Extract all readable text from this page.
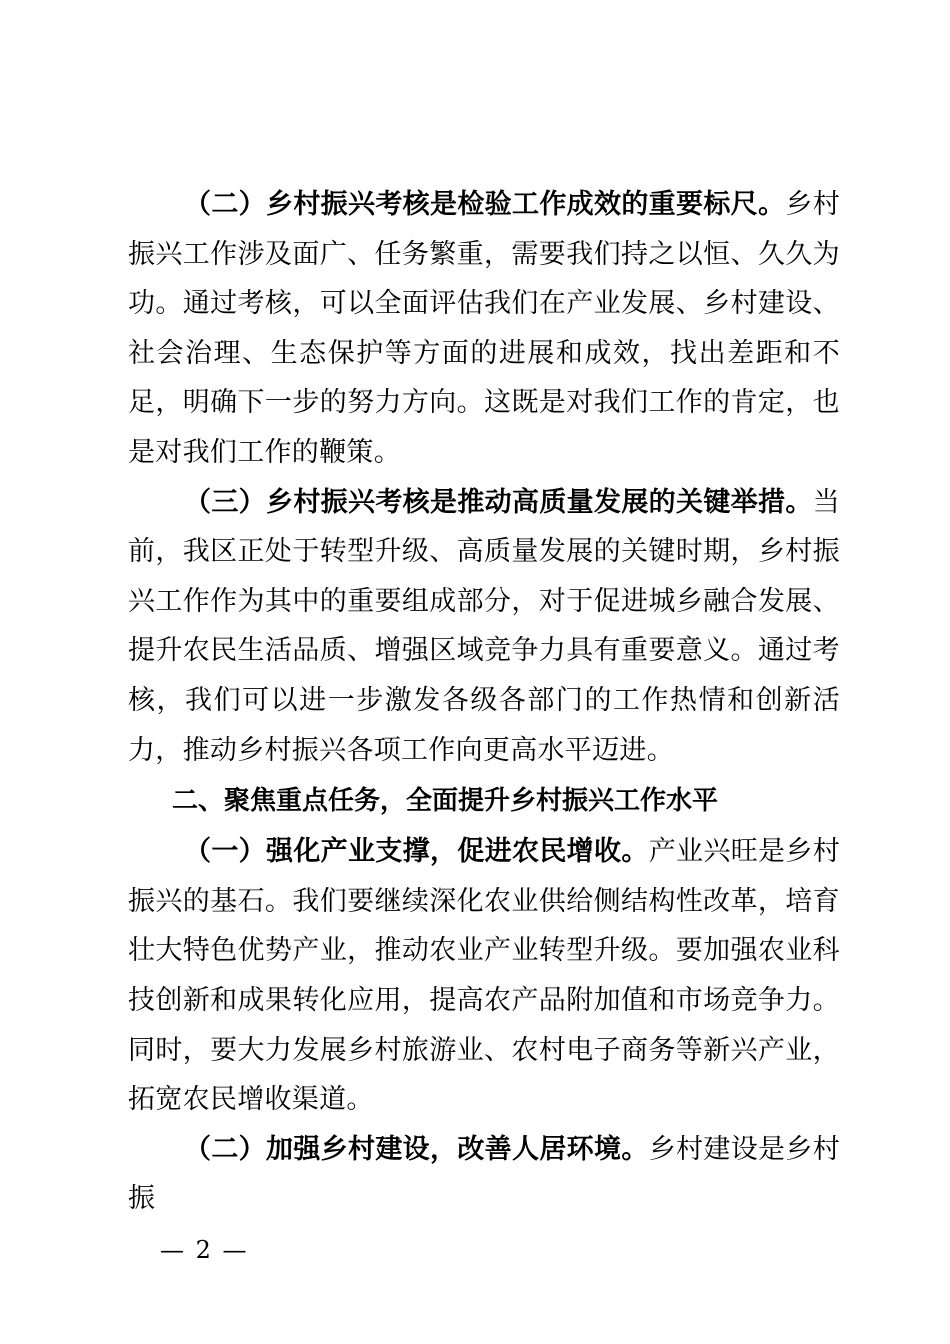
（二）乡村振兴考核是检验工作成效的重要标尺。乡村振兴工作涉及面广、任务繁重，需要我们持之以恒、久久为功。通过考核，可以全面评估我们在产业发展、乡村建设、社会治理、生态保护等方面的进展和成效，找出差距和不足，明确下一步的努力方向。这既是对我们工作的肯定，也是对我们工作的鞭策。

（三）乡村振兴考核是推动高质量发展的关键举措。当前，我区正处于转型升级、高质量发展的关键时期，乡村振兴工作作为其中的重要组成部分，对于促进城乡融合发展、提升农民生活品质、增强区域竞争力具有重要意义。通过考核，我们可以进一步激发各级各部门的工作热情和创新活力，推动乡村振兴各项工作向更高水平迈进。

二、聚焦重点任务，全面提升乡村振兴工作水平

（一）强化产业支撑，促进农民增收。产业兴旺是乡村振兴的基石。我们要继续深化农业供给侧结构性改革，培育壮大特色优势产业，推动农业产业转型升级。要加强农业科技创新和成果转化应用，提高农产品附加值和市场竞争力。同时，要大力发展乡村旅游业、农村电子商务等新兴产业，拓宽农民增收渠道。

（二）加强乡村建设，改善人居环境。乡村建设是乡村振

— 2 —
